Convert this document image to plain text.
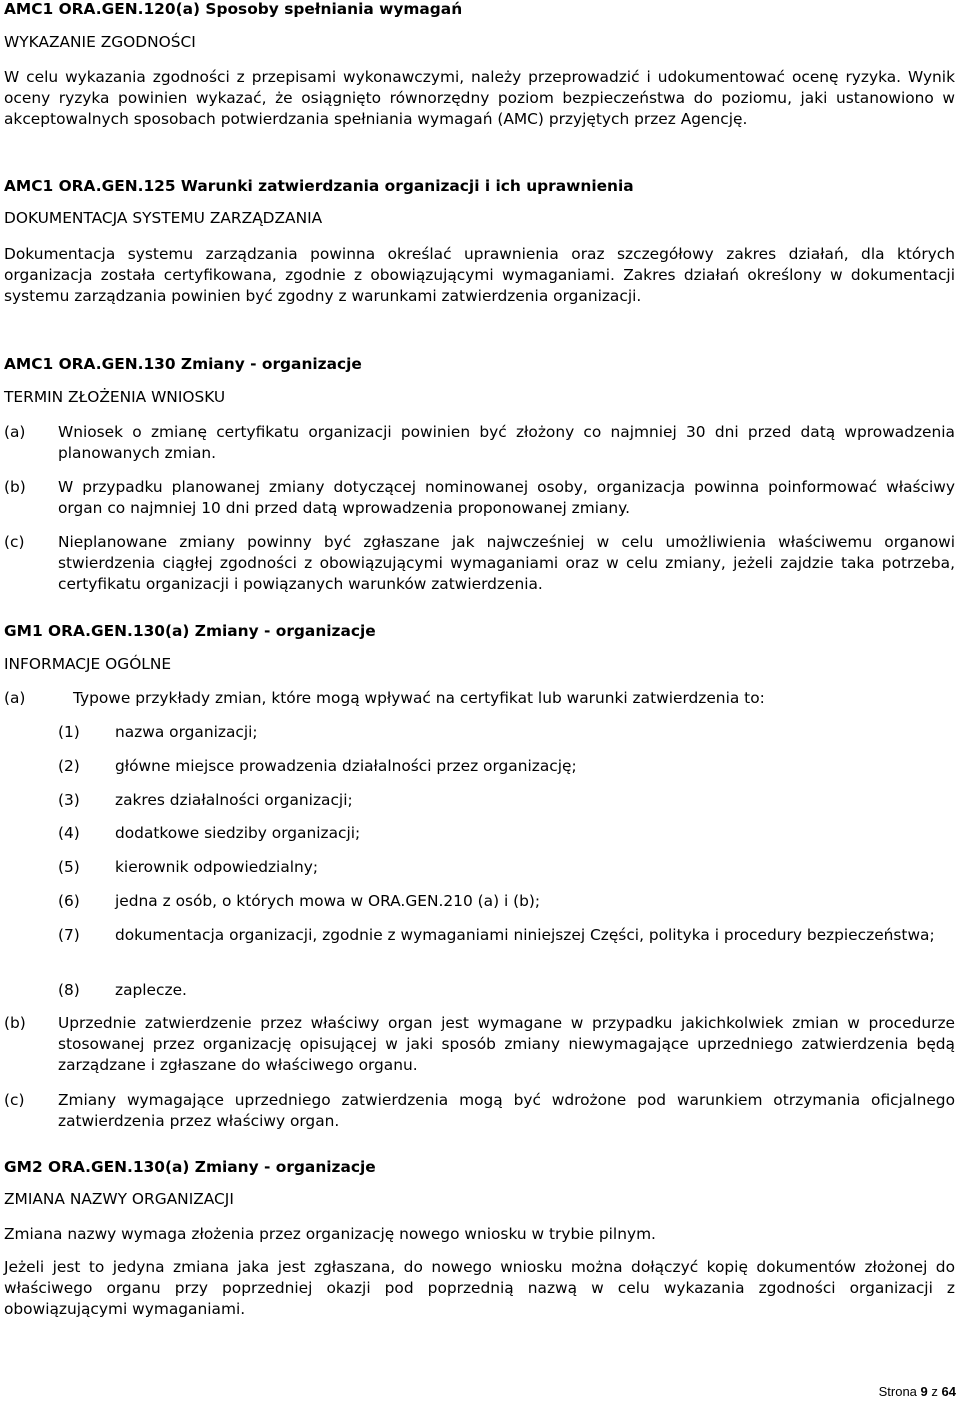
AMC1 ORA.GEN.120(a) Sposoby spełniania wymagań

WYKAZANIE ZGODNOŚCI

W celu wykazania zgodności z przepisami wykonawczymi, należy przeprowadzić i udokumentować ocenę ryzyka. Wynik oceny ryzyka powinien wykazać, że osiągnięto równorzędny poziom bezpieczeństwa do poziomu, jaki ustanowiono w akceptowalnych sposobach potwierdzania spełniania wymagań (AMC) przyjętych przez Agencję.

AMC1 ORA.GEN.125 Warunki zatwierdzania organizacji i ich uprawnienia

DOKUMENTACJA SYSTEMU ZARZĄDZANIA

Dokumentacja systemu zarządzania powinna określać uprawnienia oraz szczegółowy zakres działań, dla których organizacja została certyfikowana, zgodnie z obowiązującymi wymaganiami. Zakres działań określony w dokumentacji systemu zarządzania powinien być zgodny z warunkami zatwierdzenia organizacji.

AMC1 ORA.GEN.130 Zmiany - organizacje

TERMIN ZŁOŻENIA WNIOSKU

(a)	Wniosek o zmianę certyfikatu organizacji powinien być złożony co najmniej 30 dni przed datą wprowadzenia planowanych zmian.
(b)	W przypadku planowanej zmiany dotyczącej nominowanej osoby, organizacja powinna poinformować właściwy organ co najmniej 10 dni przed datą wprowadzenia proponowanej zmiany.
(c)	Nieplanowane zmiany powinny być zgłaszane jak najwcześniej w celu umożliwienia właściwemu organowi stwierdzenia ciągłej zgodności z obowiązującymi wymaganiami oraz w celu zmiany, jeżeli zajdzie taka potrzeba, certyfikatu organizacji i powiązanych warunków zatwierdzenia.

GM1 ORA.GEN.130(a) Zmiany - organizacje

INFORMACJE OGÓLNE

(a)	Typowe przykłady zmian, które mogą wpływać na certyfikat lub warunki zatwierdzenia to:
(1)	nazwa organizacji;
(2)	główne miejsce prowadzenia działalności przez organizację;
(3)	zakres działalności organizacji;
(4)	dodatkowe siedziby organizacji;
(5)	kierownik odpowiedzialny;
(6)	jedna z osób, o których mowa w ORA.GEN.210 (a) i (b);
(7)	dokumentacja organizacji, zgodnie z wymaganiami niniejszej Części, polityka i procedury bezpieczeństwa;
(8)	zaplecze.
(b)	Uprzednie zatwierdzenie przez właściwy organ jest wymagane w przypadku jakichkolwiek zmian w procedurze stosowanej przez organizację opisującej w jaki sposób zmiany niewymagające uprzedniego zatwierdzenia będą zarządzane i zgłaszane do właściwego organu.
(c)	Zmiany wymagające uprzedniego zatwierdzenia mogą być wdrożone pod warunkiem otrzymania oficjalnego zatwierdzenia przez właściwy organ.

GM2 ORA.GEN.130(a) Zmiany - organizacje

ZMIANA NAZWY ORGANIZACJI

Zmiana nazwy wymaga złożenia przez organizację nowego wniosku w trybie pilnym.

Jeżeli jest to jedyna zmiana jaka jest zgłaszana, do nowego wniosku można dołączyć kopię dokumentów złożonej do właściwego organu przy poprzedniej okazji pod poprzednią nazwą w celu wykazania zgodności organizacji z obowiązującymi wymaganiami.

Strona 9 z 64
